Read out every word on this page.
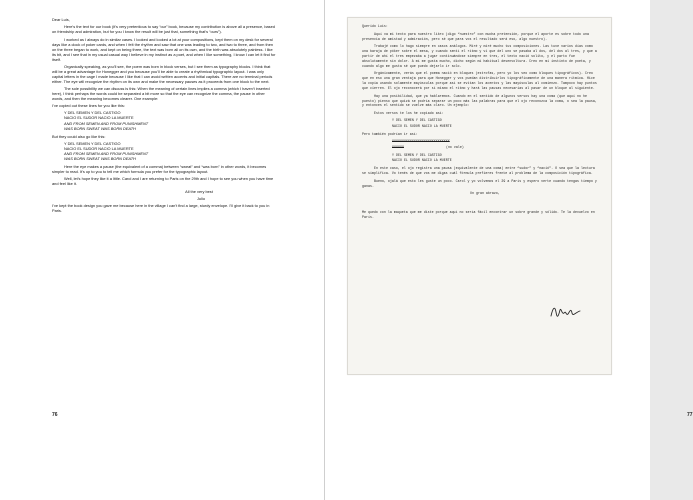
Dear Luis,

Here’s the text for our book (it’s very pretentious to say “our” book, because my contribution is above all a presence, based on friendship and admiration, but for you I know the result will be just that, something that’s “ours”).

I worked as I always do in similar cases. I looked and looked a lot at your compositions, kept them on my desk for several days like a clock of poker cards, and when I felt the rhythm and saw that one was leading to two, and two to three, and from then on the three began to work, and kept on being three, the text was born all on its own, and the birth was absolutely painless. I like its bit, and I see that in my usual casual way I believe in my instinct as a poet, and when I like something, I know I can let it find for itself.

Organically speaking, as you’ll see, the poem was born in block verses, but I see them as typography blocks. I think that will be a great advantage for Honegger and you because you’ll be able to create a rhythmical typographic layout. I was only capital letters in the cage I made because I like that I can avoid written accents and initial capitals. There are no terminal periods either. The eye will recognize the rhythm on its own and make the necessary pauses as it proceeds from one block to the next.

The sole possibility we can discuss is this: When the meaning of certain lines implies a comma (which I haven’t inserted here), I think perhaps the words could be separated a bit more so that the eye can recognize the comma, the pause in other words, and then the meaning becomes clearer. One example:

I’ve copied out these lines for you like this:

Y DEL SEMEN Y DEL CASTIGO
NACIO EL SUDOR NACIO LA MUERTE
AND FROM SEMEN AND FROM PUNISHMENT
WAS BORN SWEAT WAS BORN DEATH

But they could also go like this:

Y DEL SEMEN Y DEL CASTIGO
NACIO EL SUDOR NACIO LA MUERTE
AND FROM SEMEN AND FROM PUNISHMENT
WAS BORN SWEAT WAS BORN DEATH

Here the eye makes a pause (the equivalent of a comma) between “sweat” and “was born” in other words, it becomes simpler to read. It’s up to you to tell me which formula you prefer for the typographic layout.

Well, let’s hope they like it a little. Carol and I are returning to Paris on the 29th and I hope to see you when you have time and feel like it.

All the very best

Julio

I’ve kept the book design you gave me because here in the village I can’t find a large, sturdy envelope. I’ll give it back to you in Paris.

76

Querido Luis:

Aquí va mi texto para nuestro libro (digo “nuestro” con mucha pretensión, porque el aporte es sobre todo una presencia de amistad y admiración, pero sé que para vos el resultado será eso, algo nuestro).

Trabajé como lo hago siempre en casos análogos. Miré y miré mucho tus composiciones. Las tuve varios días como una baraja de póker sobre el mesa, y cuando sentí el ritmo y vi que del uno se pasaba al dos, del dos al tres, y que a partir de ahí el tres empezaba a jugar continuándose siempre en tres, el texto nació solito, y el parto fue absolutamente sin dolor. A mí me gusta mucho, dicho según mi habitual desenvoltura. Creo en mi instinto de poeta, y cuando algo me gusta sé que puedo dejarlo ir solo.

Orgánicamente, verás que el poema nació en bloques (estrofas, pero yo los veo como bloques tipográficos). Creo que en eso una gran ventaja para que Honegger y vos puedan distribuirlos tipográficamente de una manera rítmica. Hice la copia usando solamente mayúsculas porque así se evitan los acentos y las mayúsculas al comienzo. Tampoco hay puntos que cierren. El ojo reconocerá por sí mismo el ritmo y hará las pausas necesarias al pasar de un bloque al siguiente.

Hay una posibilidad, que ya hablaremos. Cuando en el sentido de algunos versos hay una coma (que aquí no he puesto) pienso que quizá se podría separar un poco más las palabras para que el ojo reconozca la coma, o sea la pausa, y entonces el sentido se vuelve más claro. Un ejemplo:

Estos versos te los he copiado así:

Y DEL SEMEN Y DEL CASTIGO
NACIO EL SUDOR NACIO LA MUERTE

Pero también podrían ir así:

XXXXXXXXXXXXXXXXXXXXXXXXXXXXX
XXXXXX	(no vale)
Y DEL SEMEN Y DEL CASTIGO
NACIO EL SUDOR NACIO LA MUERTE

En este caso, el ojo registra una pausa (equivalente de una coma) entre “sudor” y “nació”. O sea que la lectura se simplifica. Vo tenés de que vos me digas cuál fórmula prefieres frente al problema de la composición tipográfica.

Bueno, ojalá que esto les guste un poco. Carol y yo volvemos el 29 a París y espero verte cuando tengas tiempo y ganas.

Un gran abrazo,

Me quedo con la maqueta que me diste porque aquí no sería fácil encontrar un sobre grande y sólido. Te la devuelvo en París.

77
